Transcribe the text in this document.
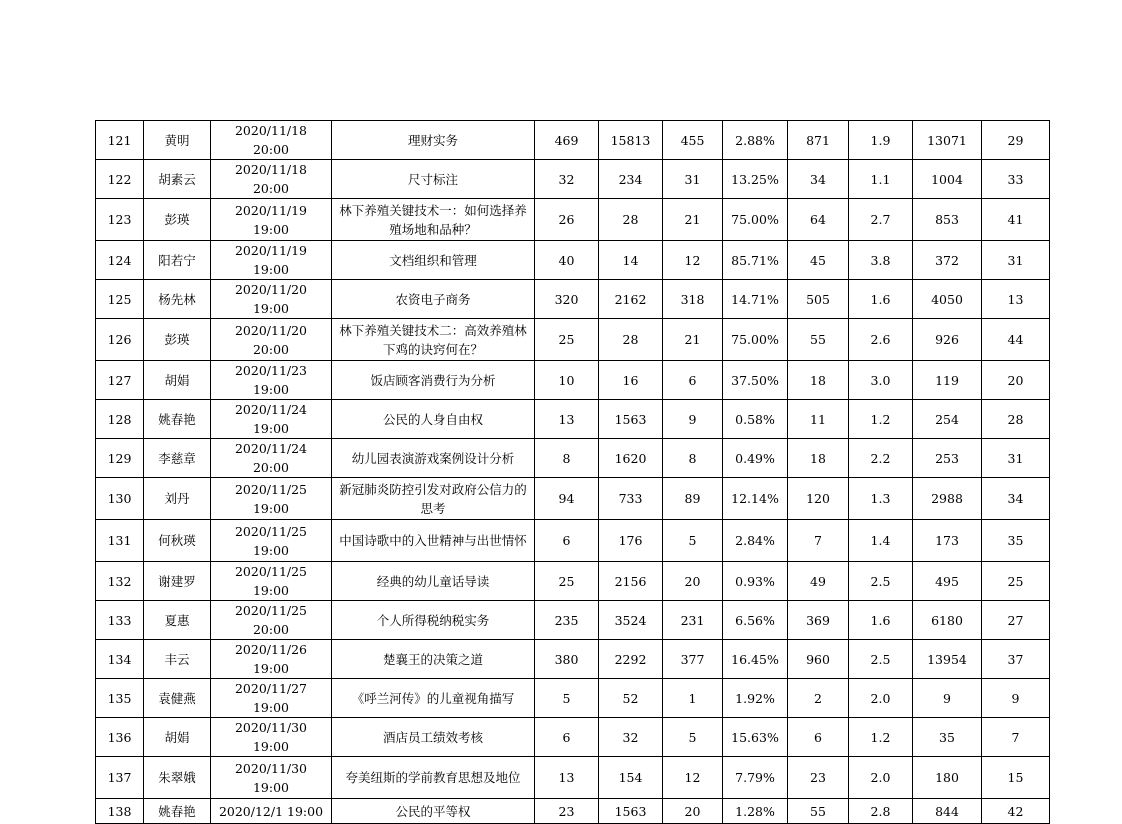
121	黄明	2020/11/18 20:00	理财实务	469	15813	455	2.88%	871	1.9	13071	29
122	胡素云	2020/11/18 20:00	尺寸标注	32	234	31	13.25%	34	1.1	1004	33
123	彭瑛	2020/11/19 19:00	林下养殖关键技术一：如何选择养殖场地和品种？	26	28	21	75.00%	64	2.7	853	41
124	阳若宁	2020/11/19 19:00	文档组织和管理	40	14	12	85.71%	45	3.8	372	31
125	杨先林	2020/11/20 19:00	农资电子商务	320	2162	318	14.71%	505	1.6	4050	13
126	彭瑛	2020/11/20 20:00	林下养殖关键技术二：高效养殖林下鸡的诀窍何在？	25	28	21	75.00%	55	2.6	926	44
127	胡娟	2020/11/23 19:00	饭店顾客消费行为分析	10	16	6	37.50%	18	3.0	119	20
128	姚春艳	2020/11/24 19:00	公民的人身自由权	13	1563	9	0.58%	11	1.2	254	28
129	李慈章	2020/11/24 20:00	幼儿园表演游戏案例设计分析	8	1620	8	0.49%	18	2.2	253	31
130	刘丹	2020/11/25 19:00	新冠肺炎防控引发对政府公信力的思考	94	733	89	12.14%	120	1.3	2988	34
131	何秋瑛	2020/11/25 19:00	中国诗歌中的入世精神与出世情怀	6	176	5	2.84%	7	1.4	173	35
132	谢建罗	2020/11/25 19:00	经典的幼儿童话导读	25	2156	20	0.93%	49	2.5	495	25
133	夏惠	2020/11/25 20:00	个人所得税纳税实务	235	3524	231	6.56%	369	1.6	6180	27
134	丰云	2020/11/26 19:00	楚襄王的决策之道	380	2292	377	16.45%	960	2.5	13954	37
135	袁健燕	2020/11/27 19:00	《呼兰河传》的儿童视角描写	5	52	1	1.92%	2	2.0	9	9
136	胡娟	2020/11/30 19:00	酒店员工绩效考核	6	32	5	15.63%	6	1.2	35	7
137	朱翠娥	2020/11/30 19:00	夸美纽斯的学前教育思想及地位	13	154	12	7.79%	23	2.0	180	15
138	姚春艳	2020/12/1 19:00	公民的平等权	23	1563	20	1.28%	55	2.8	844	42
